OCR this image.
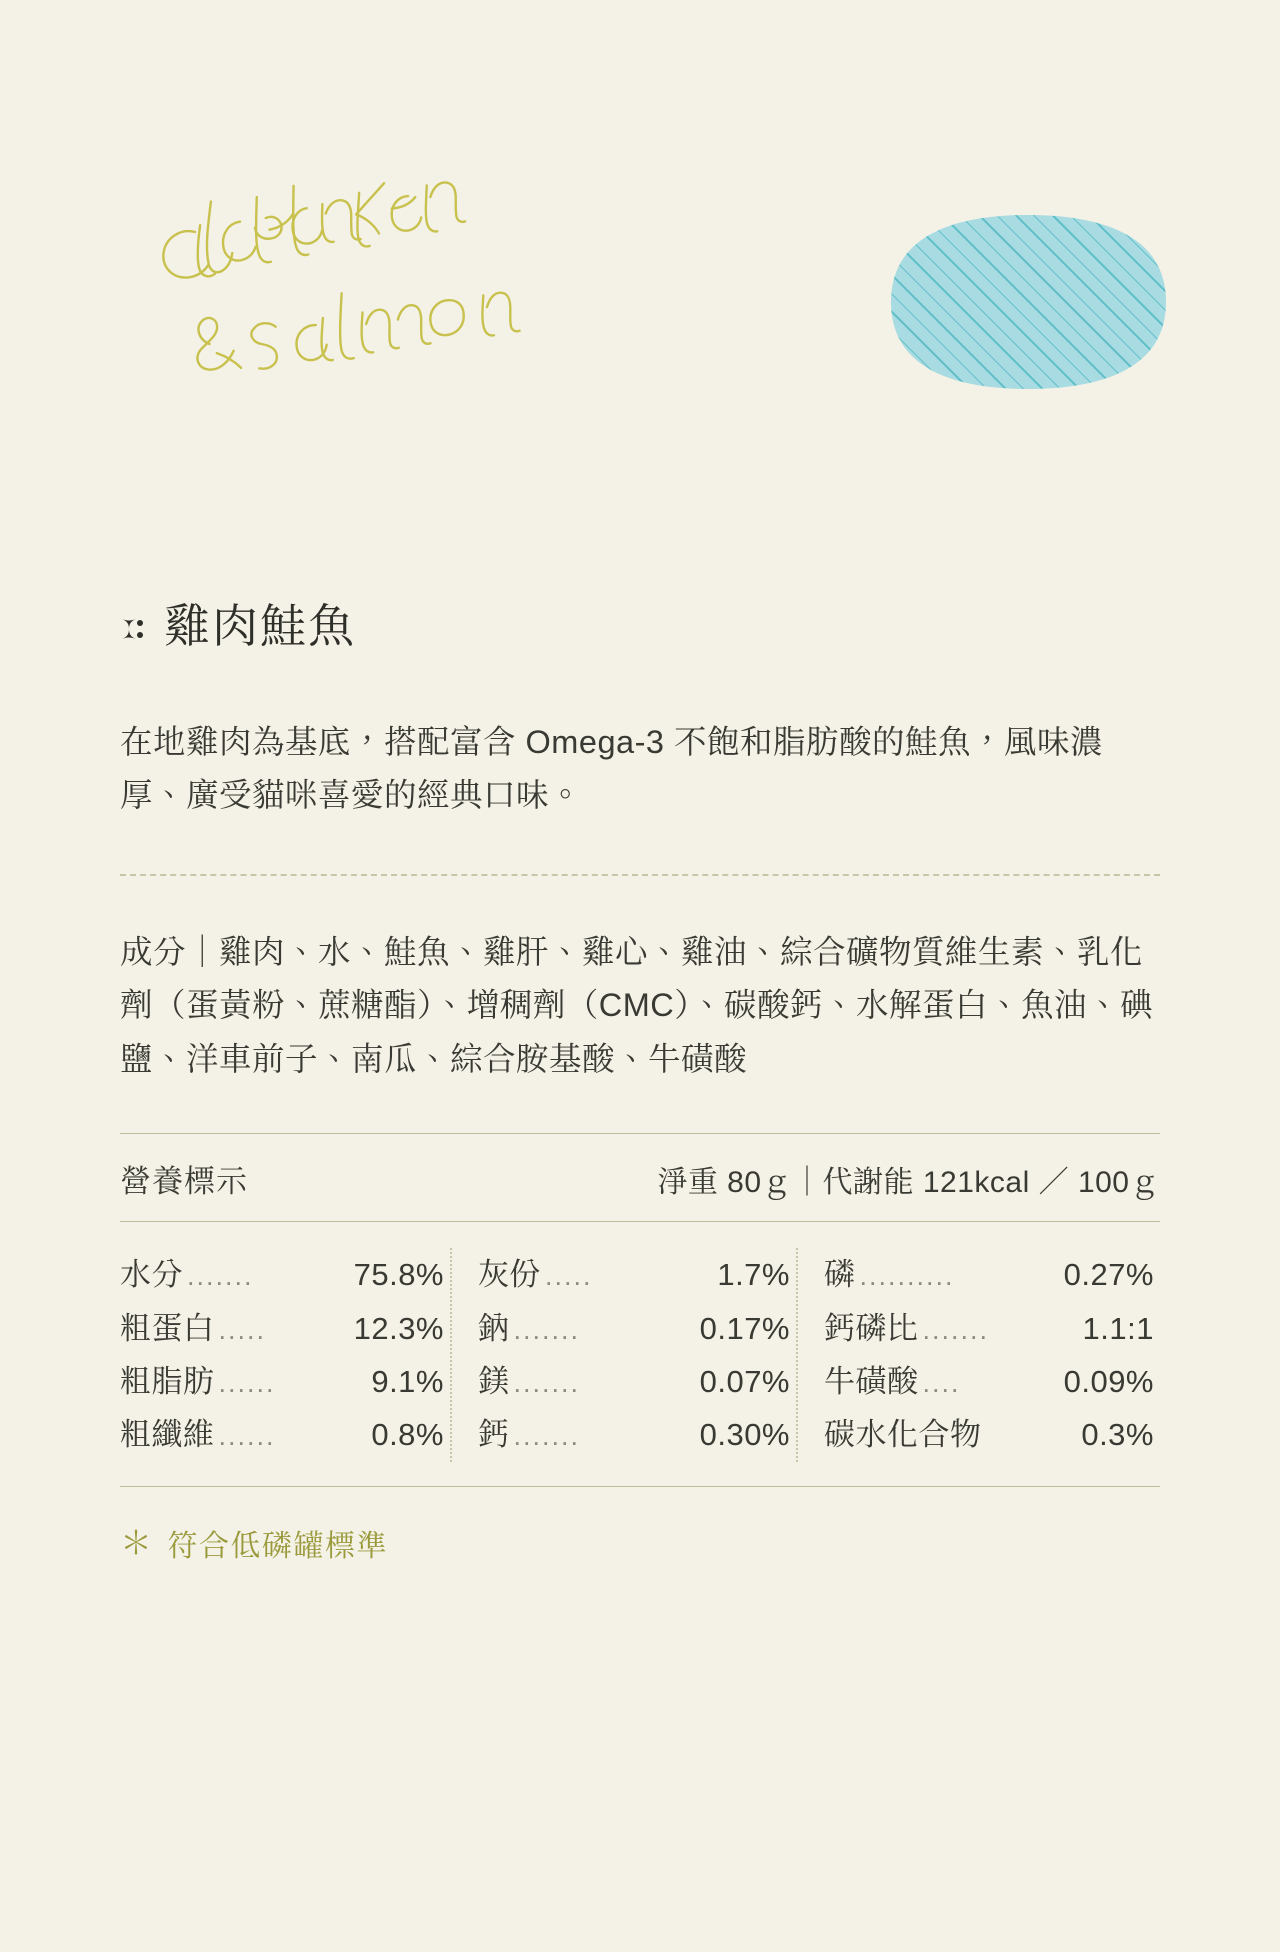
雞肉鮭魚

在地雞肉為基底，搭配富含 Omega-3 不飽和脂肪酸的鮭魚，風味濃厚、廣受貓咪喜愛的經典口味。

成分｜雞肉、水、鮭魚、雞肝、雞心、雞油、綜合礦物質維生素、乳化劑（蛋黃粉、蔗糖酯）、增稠劑（CMC）、碳酸鈣、水解蛋白、魚油、碘鹽、洋車前子、南瓜、綜合胺基酸、牛磺酸

營養標示	淨重 80ｇ｜代謝能 121kcal ／ 100ｇ
水分 .......	75.8%
粗蛋白 .....	12.3%
粗脂肪 ......	9.1%
粗纖維 ......	0.8%
灰份 .....	1.7%
鈉 .......	0.17%
鎂 .......	0.07%
鈣 .......	0.30%
磷 ..........	0.27%
鈣磷比 .......	1.1:1
牛磺酸 ....	0.09%
碳水化合物	0.3%
＊ 符合低磷罐標準
